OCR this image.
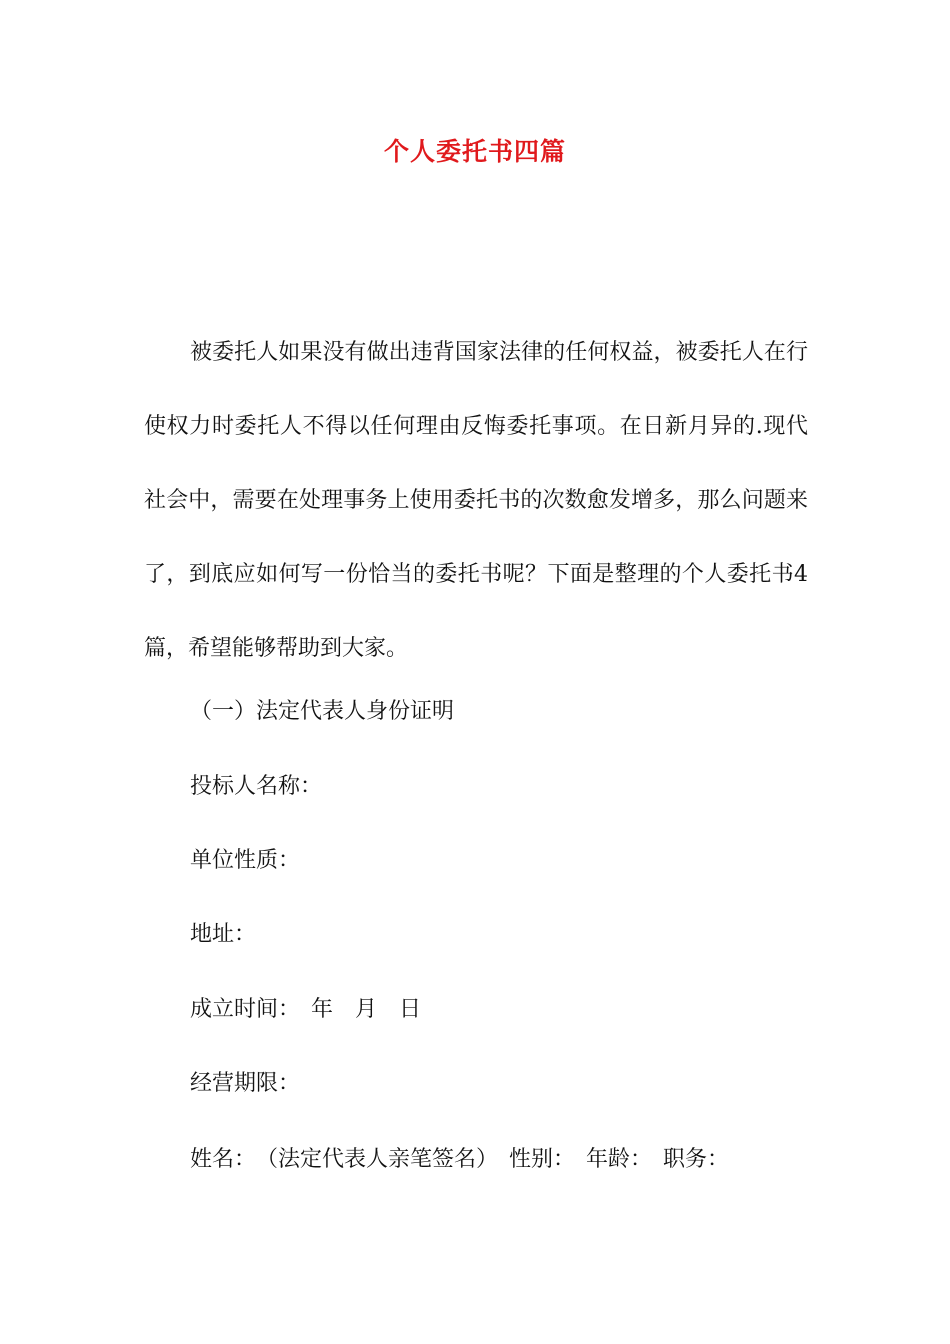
个人委托书四篇

被委托人如果没有做出违背国家法律的任何权益，被委托人在行使权力时委托人不得以任何理由反悔委托事项。在日新月异的.现代社会中，需要在处理事务上使用委托书的次数愈发增多，那么问题来了，到底应如何写一份恰当的委托书呢？下面是整理的个人委托书4篇，希望能够帮助到大家。

（一）法定代表人身份证明

投标人名称：

单位性质：

地址：

成立时间：　年　月　日

经营期限：

姓名：　（法定代表人亲笔签名）　性别：　年龄：　职务：
